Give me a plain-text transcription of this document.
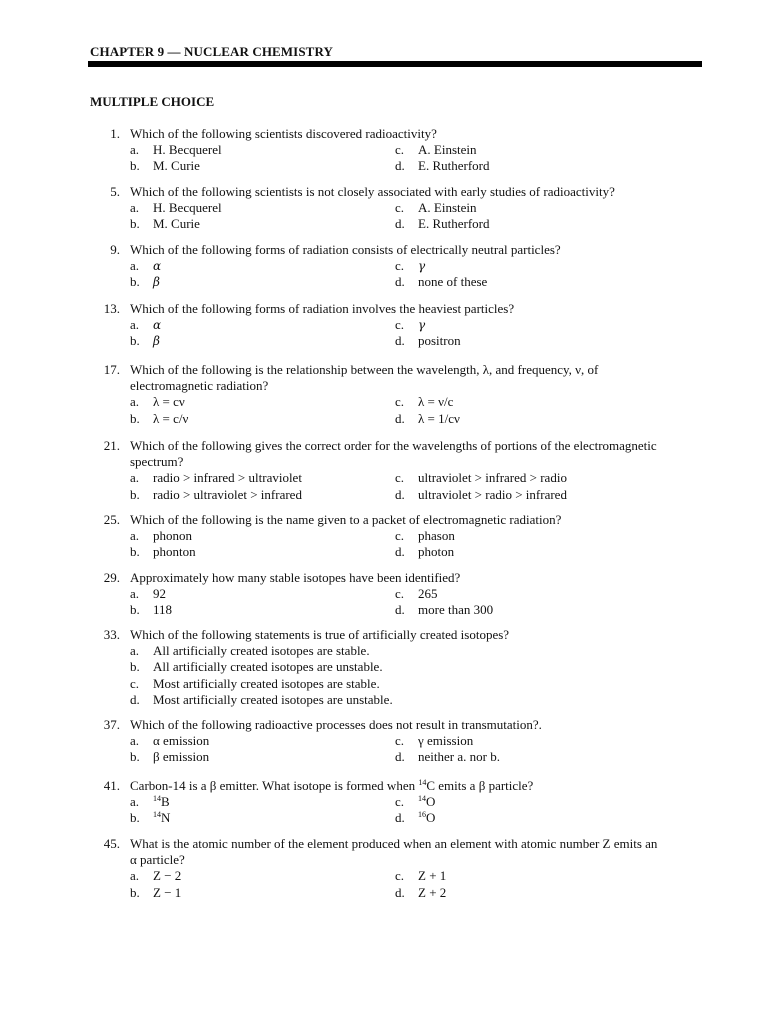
CHAPTER 9 — NUCLEAR CHEMISTRY
MULTIPLE CHOICE
1. Which of the following scientists discovered radioactivity?
a. H. Becquerel	c. A. Einstein
b. M. Curie	d. E. Rutherford
5. Which of the following scientists is not closely associated with early studies of radioactivity?
a. H. Becquerel	c. A. Einstein
b. M. Curie	d. E. Rutherford
9. Which of the following forms of radiation consists of electrically neutral particles?
a. α	c. γ
b. β	d. none of these
13. Which of the following forms of radiation involves the heaviest particles?
a. α	c. γ
b. β	d. positron
17. Which of the following is the relationship between the wavelength, λ, and frequency, ν, of
electromagnetic radiation?
a. λ = cν	c. λ = ν/c
b. λ = c/ν	d. λ = 1/cν
21. Which of the following gives the correct order for the wavelengths of portions of the electromagnetic
spectrum?
a. radio > infrared > ultraviolet	c. ultraviolet > infrared > radio
b. radio > ultraviolet > infrared	d. ultraviolet > radio > infrared
25. Which of the following is the name given to a packet of electromagnetic radiation?
a. phonon	c. phason
b. phonton	d. photon
29. Approximately how many stable isotopes have been identified?
a. 92	c. 265
b. 118	d. more than 300
33. Which of the following statements is true of artificially created isotopes?
a. All artificially created isotopes are stable.
b. All artificially created isotopes are unstable.
c. Most artificially created isotopes are stable.
d. Most artificially created isotopes are unstable.
37. Which of the following radioactive processes does not result in transmutation?.
a. α emission	c. γ emission
b. β emission	d. neither a. nor b.
41. Carbon-14 is a β emitter. What isotope is formed when $^{14}$C emits a β particle?
a. $^{14}$B	c. $^{14}$O
b. $^{14}$N	d. $^{16}$O
45. What is the atomic number of the element produced when an element with atomic number Z emits an
α particle?
a. Z − 2	c. Z + 1
b. Z − 1	d. Z + 2
